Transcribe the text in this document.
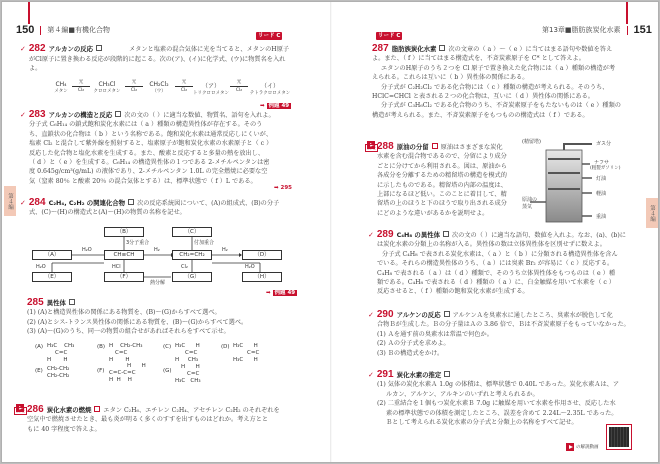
150 第４編■有機化合物
リード C
✓ 282 アルカンの反応	メタンと塩素の混合気体に光を当てると、メタンのH原子がCl原子に置き換わる反応が段階的に起こる。次の(ア)、(イ)に化学式、(ウ)に物質名を入れよ。
CH₄
メタン
光
Cl₂
CH₃Cl
クロロメタン
光
Cl₂
CH₂Cl₂
（ウ）
光
Cl₂
（ア）
トリクロロメタン
光
Cl₂
（イ）
テトラクロロメタン
➡ 例題 49
✓ 283 アルカンの構造と反応 次の文の（ ）に適当な数値、物質名、語句を入れよ。
分子式 C₆H₁₄ の鎖式飽和炭化水素には（ a ）種類の構造異性体が存在する。そのう
ち、直鎖状の化合物は（ b ）という名称である。飽和炭化水素は通常反応しにくいが、
塩素 Cl₂ と混合して紫外線を照射すると、塩素原子が飽和炭化水素の水素原子と（ c ）
反応した化合物と塩化水素を生成する。また、酸素と反応すると多量の熱を放出し、
（ d ）と（ e ）を生成する。C₆H₁₄ の構造異性体の１つである 2-メチルペンタンは密
度 0.645g/cm³(g/mL) の液体であり、2-メチルペンタン 1.0L の完全燃焼に必要な空
気（窒素 80％ と酸素 20％ の混合気体とする）は、標準状態で（ f ）L である。
➡ 295
第４編	✓ 284 C₂H₄, C₂H₂ の関連化合物 次の反応系統図について、(A)の組成式、(B)の分子
式、(C)～(H)の構造式と(A)～(H)の物質の名称を記せ。
（B）	（C）
（A）	CH≡CH	CH₂=CH₂	（D）
（E）	（F）	（G）	（H）
3分子重合	付加重合
H₂O	H₂	H₂
H₂O	HCl	Cl₂	H₂O
熱分解
➡ 例題 49
285 異性体
(1) (A)と構造異性体の関係にある物質を、(B)～(G)からすべて選べ。
(2) (A)とシス-トランス異性体の関係にある物質を、(B)～(G)からすべて選べ。
(3) (A)～(G)のうち、同一の物質の組合せがあればそれらをすべて示せ。
(A) H₃C    CH₃
C=C
H       H
(B) H    CH₂-CH₃
C=C
H       H
(C) H₃C      H
C=C
H     CH₃
(D) H₃C      H
C=C
H₃C      H
(E) CH₂-CH₂
CH₂-CH₂
(F)
H      H
C=C-C=C
H  H    H
(G)
H      H
C=C
H₃C   CH₃
論述 286 炭化水素の燃焼 エタン C₂H₆、エチレン C₂H₄、アセチレン C₂H₂ のそれぞれを
空気中で燃焼させたとき、最も炎が明るく多くのすすを出すものはどれか。考え方とと
もに 40 字程度で答えよ。
第13章■脂肪族炭化水素 151
リード C
287 脂肪族炭化水素 次の文章の（ a ）～（ e ）に当てはまる語句や数値を答え
よ。また、（ f ）に当てはまる構造式を、不斉炭素原子を C* として答えよ。
エタンのH原子のうち２つを Cl 原子で置き換えた化合物には（ a ）種類の構造が考
えられる。これらは互いに（ b ）異性体の関係にある。
分子式が C₂H₂Cl₂ である化合物には（ c ）種類の構造が考えられる。そのうち、
HClC=CHCl と表される２つの化合物は、互いに（ d ）異性体の関係にある。
分子式が C₃H₆Cl₂ である化合物のうち、不斉炭素原子をもたないものは（ e ）種類の
構造が考えられる。また、不斉炭素原子をもつものの構造式は（ f ）である。
論述 288 原油の分留 原油はさまざまな炭化
水素を含む混合物であるので、分留により成分
ごとに分けてから利用される。図は、原油から
各成分を分離するための精留塔の構造を模式的
に示したものである。精留塔の内部の温度は、
上部になるほど低い。このことに着目して、精
留塔の上のほうと下のほうで取り出される成分
にどのような違いがあるかを説明せよ。
(精留塔)	ガス分
ナフサ
(粗製ガソリン)
灯油
軽油
重油
原油の
蒸気	第４編
✓ 289 C₄H₈ の異性体 次の文の（ ）に適当な語句、数値を入れよ。なお、(a)、(b)に
は炭化水素の分類上の名称が入る。異性体の数は立体異性体を区別せずに数えよ。
分子式 C₄H₈ で表される炭化水素は、（ a ）と（ b ）に分類される構造異性体を含ん
でいる。それらの構造異性体のうち、（ a ）には臭素 Br₂ が容易に（ c ）反応する。
C₄H₈ で表される（ a ）は（ d ）種類で、そのうち立体異性体をもつものは（ e ）種
類である。C₄H₈ で表される（ d ）種類の（ a ）に、白金触媒を用いて水素を（ c ）
反応させると、（ f ）種類の飽和炭化水素が生成する。
✓ 290 アルケンの反応 アルケンＡを臭素水に通したところ、臭素水が脱色して化
合物Ｂが生成した。Ｂの分子量はＡの 3.86 倍で、Ｂは不斉炭素原子をもっていなかった。
(1) Ａを通す前の臭素水は常温で何色か。
(2) Ａの分子式を求めよ。
(3) Ｂの構造式をかけ。
✓ 291 炭化水素の推定
(1) 気体の炭化水素Ａ 1.0g の体積は、標準状態で 0.40L であった。炭化水素Ａは、ア
ルカン、アルケン、アルキンのいずれと考えられるか。
(2) 二重結合を１個もつ炭化水素Ｂ 7.0g に触媒を用いて水素を作用させ、反応した水
素の標準状態での体積を測定したところ、誤差を含めて 2.24L～2.35L であった。
Ｂとして考えられる炭化水素の分子式と分類上の名称をすべて記せ。
の解説動画
